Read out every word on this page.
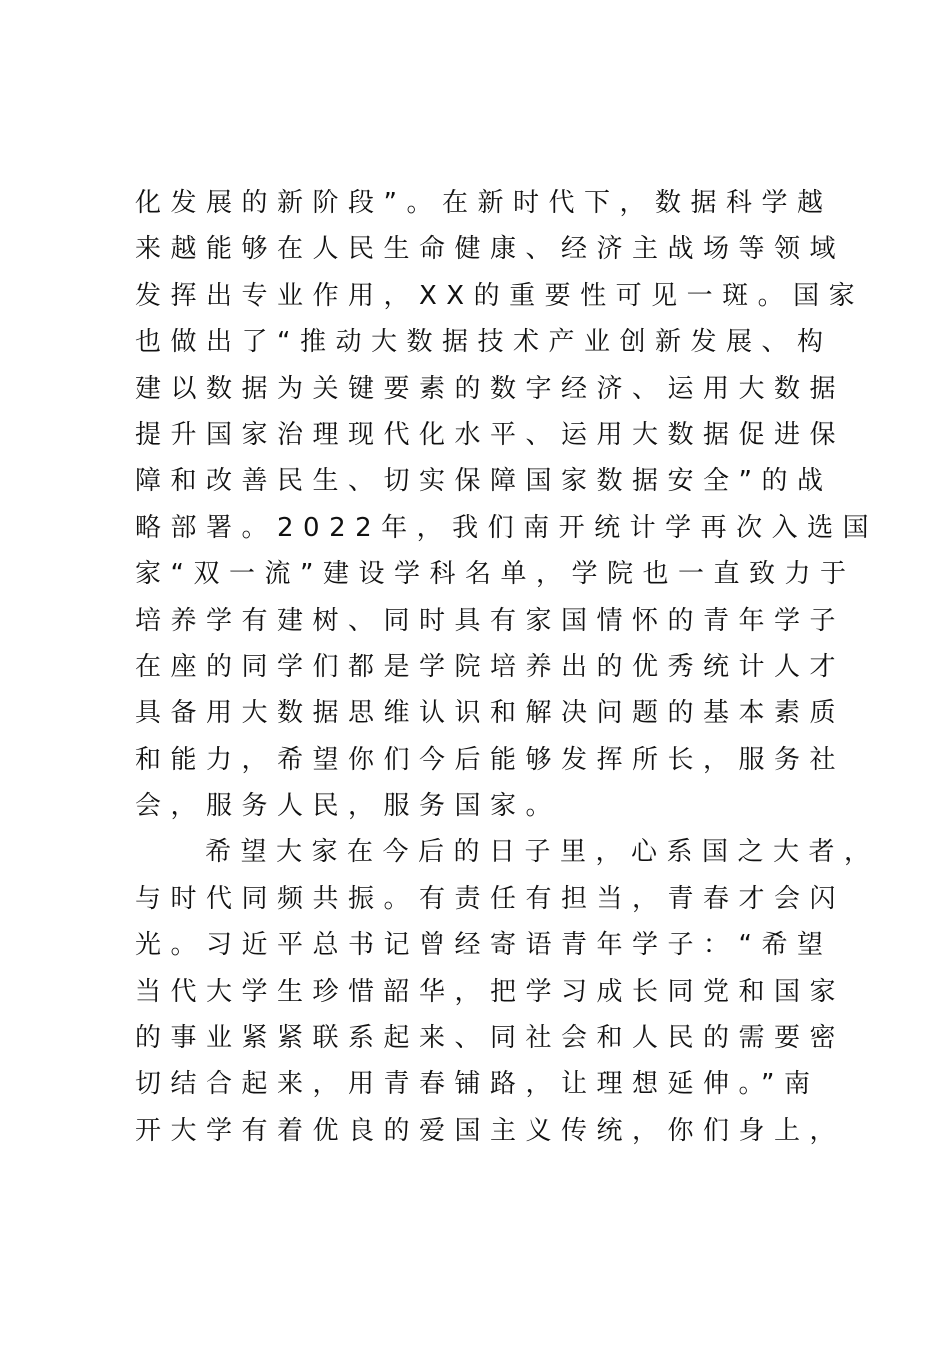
化发展的新阶段”。在新时代下，数据科学越
来越能够在人民生命健康、经济主战场等领域
发挥出专业作用，XX的重要性可见一斑。国家
也做出了“推动大数据技术产业创新发展、构
建以数据为关键要素的数字经济、运用大数据
提升国家治理现代化水平、运用大数据促进保
障和改善民生、切实保障国家数据安全”的战
略部署。2022年，我们南开统计学再次入选国
家“双一流”建设学科名单，学院也一直致力于
培养学有建树、同时具有家国情怀的青年学子
在座的同学们都是学院培养出的优秀统计人才
具备用大数据思维认识和解决问题的基本素质
和能力，希望你们今后能够发挥所长，服务社
会，服务人民，服务国家。
希望大家在今后的日子里，心系国之大者，
与时代同频共振。有责任有担当，青春才会闪
光。习近平总书记曾经寄语青年学子：“希望
当代大学生珍惜韶华，把学习成长同党和国家
的事业紧紧联系起来、同社会和人民的需要密
切结合起来，用青春铺路，让理想延伸。”南
开大学有着优良的爱国主义传统，你们身上，
